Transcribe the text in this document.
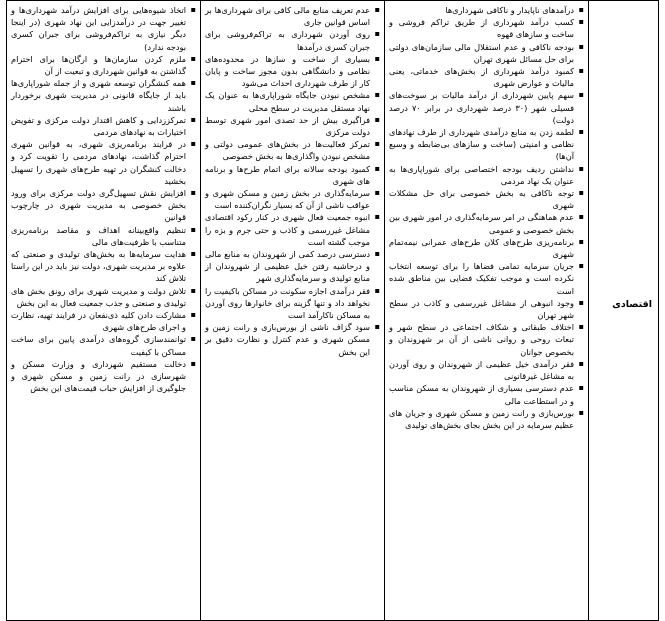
اقتصادی
▪
درآمدهای ناپایدار و ناکافی شهرداری‌ها
▪
کسب درآمد شهرداری از طریق تراکم فروشی و ساخت و سازهای قهوه
▪
بودجه ناکافی و عدم استقلال مالی سازمان‌های دولتی برای حل مسائل شهری تهران
▪
کمبود درآمد شهرداری از بخش‌های خدماتی، یعنی مالیات و عوارض شهری
▪
سهم پایین شهرداری از درآمد مالیات بر سوخت‌های فسیلی شهر (۳۰ درصد شهرداری در برابر ۷۰ درصد دولت)
▪
لطمه زدن به منابع درآمدی شهرداری از طرف نهادهای نظامی و امنیتی (ساخت و سازهای بی‌ضابطه و وسیع آن‌ها)
▪
نداشتن ردیف بودجه اختصاصی برای شوراپاری‌ها به عنوان یک نهاد مردمی
▪
توجه ناکافی به بخش خصوصی برای حل مشکلات شهری
▪
عدم هماهنگی در امر سرمایه‌گذاری در امور شهری بین بخش خصوصی و عمومی
▪
برنامه‌ریزی طرح‌های کلان طرح‌های عمرانی نیمه‌تمام شهری
▪
جریان سرمایه تمامی فضاها را برای توسعه انتخاب نکرده است و موجب تفکیک فضایی بین مناطق شده است
▪
وجود انبوهی از مشاغل غیررسمی و کاذب در سطح شهر تهران
▪
اختلاف طبقاتی و شکاف اجتماعی در سطح شهر و تبعات روحی و روانی ناشی از آن بر شهروندان و بخصوص جوانان
▪
فقر درآمدی خیل عظیمی از شهروندان و روی آوردن به مشاغل غیرقانونی
▪
عدم دسترسی بسیاری از شهروندان به مسکن مناسب و در استطاعت مالی
▪
بورس‌بازی و رانت زمین و مسکن شهری و جریان های عظیم سرمایه در این بخش بجای بخش‌های تولیدی
▪
عدم تعریف منابع مالی کافی برای شهرداری‌ها بر اساس قوانین جاری
▪
روی آوردن شهرداری به تراکم‌فروشی برای جبران کسری درآمدها
▪
بسیاری از ساخت و سازها در محدوده‌های نظامی و دانشگاهی بدون مجوز ساخت و پایان کار از طرف شهرداری احداث می‌شود
▪
مشخص نبودن جایگاه شوراپاری‌ها به عنوان یک نهاد مستقل مدیریت در سطح محلی
▪
فراگیری بیش از حد تصدی امور شهری توسط دولت مرکزی
▪
تمرکز فعالیت‌ها در بخش‌های عمومی دولتی و مشخص نبودن واگذاری‌ها به بخش خصوصی
▪
کمبود بودجه سالانه برای اتمام طرح‌ها و برنامه های شهری
▪
سرمایه‌گذاری در بخش زمین و مسکن شهری و عواقب ناشی از آن که بسیار نگران‌کننده است
▪
انبوه جمعیت فعال شهری در کنار رکود اقتصادی مشاغل غیررسمی و کاذب و حتی جرم و بزه را موجب گشته است
▪
دسترسی درصد کمی از شهروندان به منابع مالی و درحاشیه رفتن خیل عظیمی از شهروندان از منابع تولیدی و سرمایه‌گذاری شهر
▪
فقر درآمدی اجازه سکونت در مساکن باکیفیت را نخواهد داد و تنها گزینه برای خانوارها روی آوردن به مساکن ناکارآمد است
▪
سود گزاف ناشی از بورس‌بازی و رانت زمین و مسکن شهری و عدم کنترل و نظارت دقیق بر این بخش
▪
اتخاذ شیوه‌هایی برای افزایش درآمد شهرداری‌ها و تغییر جهت در درآمدزایی این نهاد شهری (در اینجا دیگر نیازی به تراکم‌فروشی برای جبران کسری بودجه ندارد)
▪
ملزم کردن سازمان‌ها و ارگان‌ها برای احترام گذاشتن به قوانین شهرداری و تبعیت از آن
▪
همه کنشگران توسعه شهری و از جمله شوراپاری‌ها باید از جایگاه قانونی در مدیریت شهری برخوردار باشند
▪
تمرکززدایی و کاهش اقتدار دولت مرکزی و تفویض اختیارات به نهادهای مردمی
▪
در فرایند برنامه‌ریزی شهری، به قوانین شهری احترام گذاشت، نهادهای مردمی را تقویت کرد و دخالت کنشگران در تهیه طرح‌های شهری را تسهیل بخشید
▪
افزایش نقش تسهیل‌گری دولت مرکزی برای ورود بخش خصوصی به مدیریت شهری در چارچوب قوانین
▪
تنظیم واقع‌بینانه اهداف و مقاصد برنامه‌ریزی متناسب با ظرفیت‌های مالی
▪
هدایت سرمایه‌ها به بخش‌های تولیدی و صنعتی که علاوه بر مدیریت شهری، دولت نیز باید در این راستا تلاش کند
▪
تلاش دولت و مدیریت شهری برای رونق بخش های تولیدی و صنعتی و جذب جمعیت فعال به این بخش
▪
مشارکت دادن کلیه ذی‌نفعان در فرایند تهیه، نظارت و اجرای طرح‌های شهری
▪
توانمندسازی گروه‌های درآمدی پایین برای ساخت مساکن با کیفیت
▪
دخالت مستقیم شهرداری و وزارت مسکن و شهرسازی در رانت زمین و مسکن شهری و جلوگیری از افزایش حباب قیمت‌های این بخش
